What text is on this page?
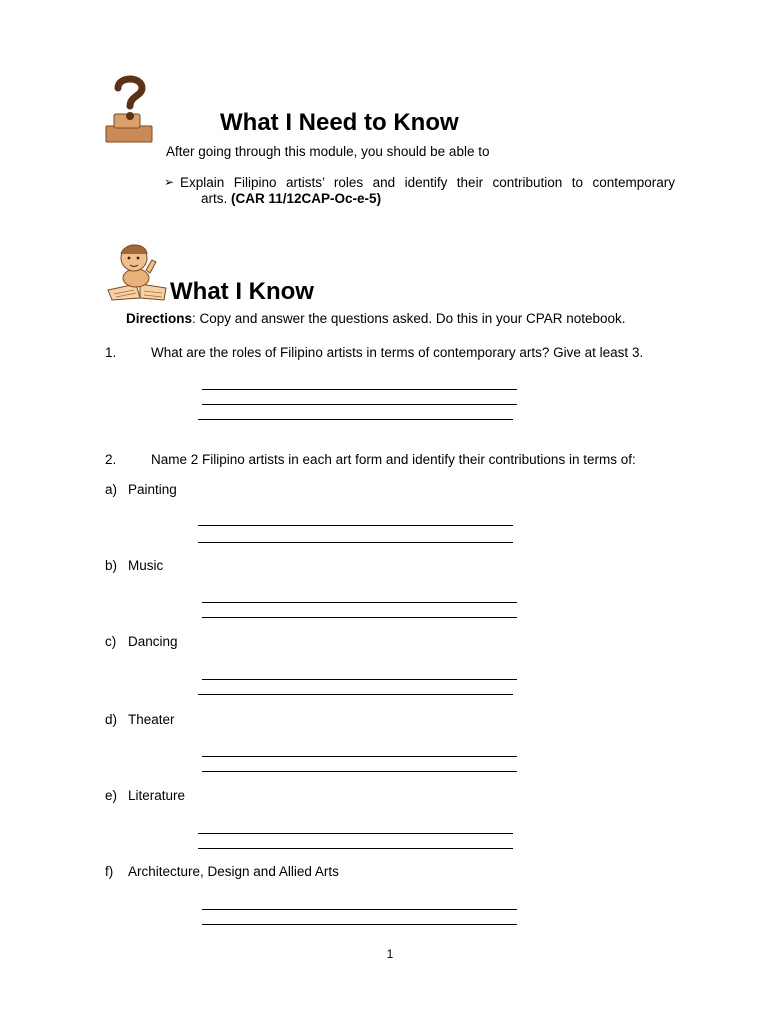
What I Need to Know
After going through this module, you should be able to
➢ Explain Filipino artists’ roles and identify their contribution to contemporary
arts. (CAR 11/12CAP-Oc-e-5)
What I Know
Directions: Copy and answer the questions asked. Do this in your CPAR notebook.
1.	What are the roles of Filipino artists in terms of contemporary arts? Give at least 3.
2.	Name 2 Filipino artists in each art form and identify their contributions in terms of:
a) Painting
b) Music
c) Dancing
d) Theater
e) Literature
f) Architecture, Design and Allied Arts
1
